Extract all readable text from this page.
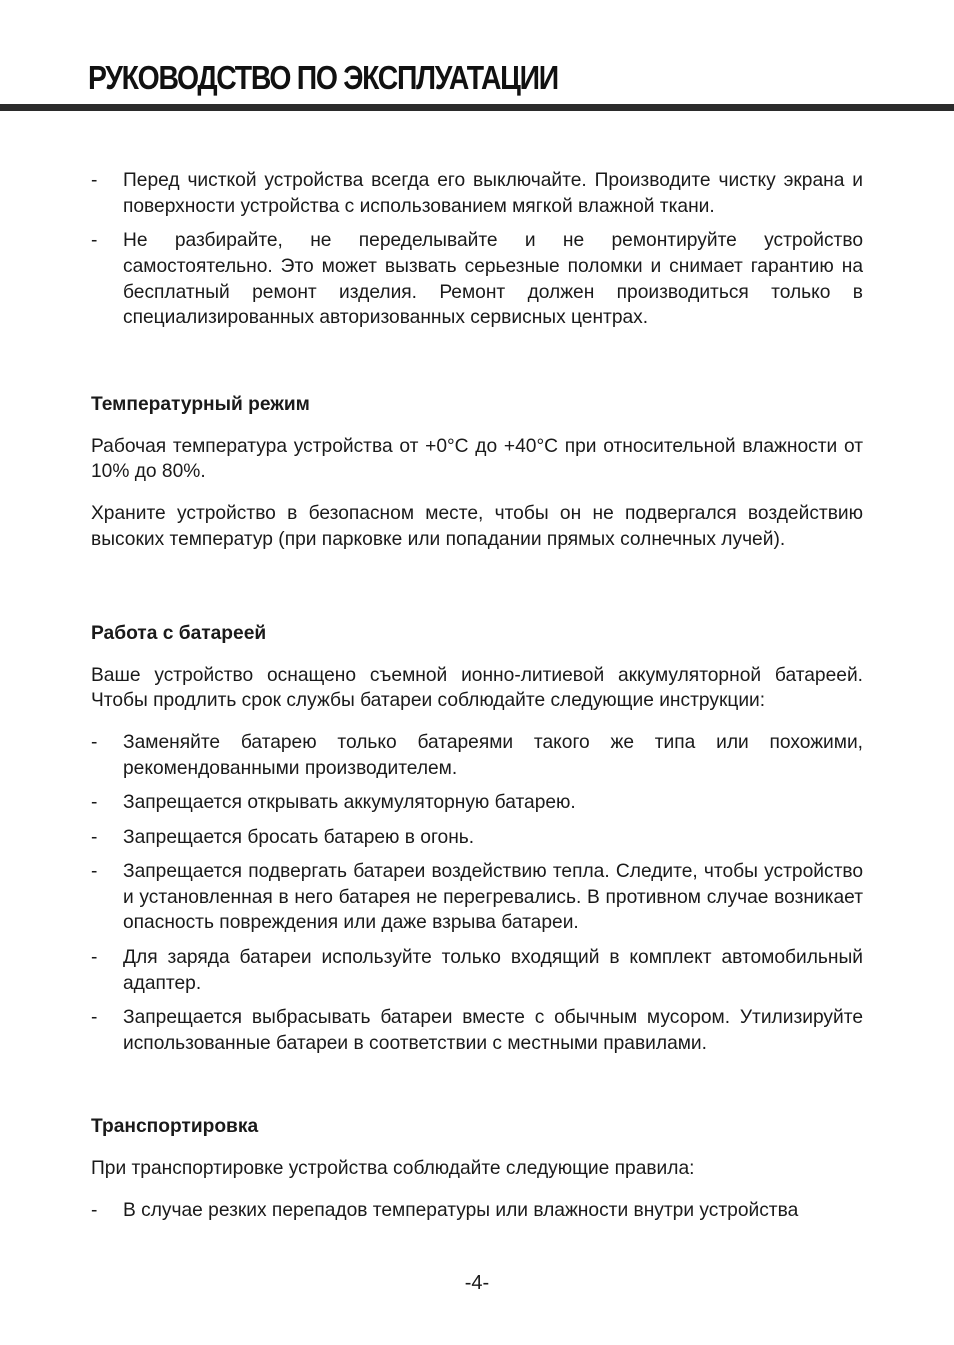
РУКОВОДСТВО ПО ЭКСПЛУАТАЦИИ
- Перед чисткой устройства всегда его выключайте. Производите чистку экрана и поверхности устройства с использованием мягкой влажной ткани.
- Не разбирайте, не переделывайте и не ремонтируйте устройство самостоятельно. Это может вызвать серьезные поломки и снимает гарантию на бесплатный ремонт изделия. Ремонт должен производиться только в специализированных авторизованных сервисных центрах.
Температурный режим

Рабочая температура устройства от +0°С до +40°С при относительной влажности от 10% до 80%.

Храните устройство в безопасном месте, чтобы он не подвергался воздействию высоких температур (при парковке или попадании прямых солнечных лучей).

Работа с батареей

Ваше устройство оснащено съемной ионно-литиевой аккумуляторной батареей. Чтобы продлить срок службы батареи соблюдайте следующие инструкции:

- Заменяйте батарею только батареями такого же типа или похожими, рекомендованными производителем.
- Запрещается открывать аккумуляторную батарею.
- Запрещается бросать батарею в огонь.
- Запрещается подвергать батареи воздействию тепла. Следите, чтобы устройство и установленная в него батарея не перегревались. В противном случае возникает опасность повреждения или даже взрыва батареи.
- Для заряда батареи используйте только входящий в комплект автомобильный адаптер.
- Запрещается выбрасывать батареи вместе с обычным мусором. Утилизируйте использованные батареи в соответствии с местными правилами.
Транспортировка

При транспортировке устройства соблюдайте следующие правила:

- В случае резких перепадов температуры или влажности внутри устройства
-4-
